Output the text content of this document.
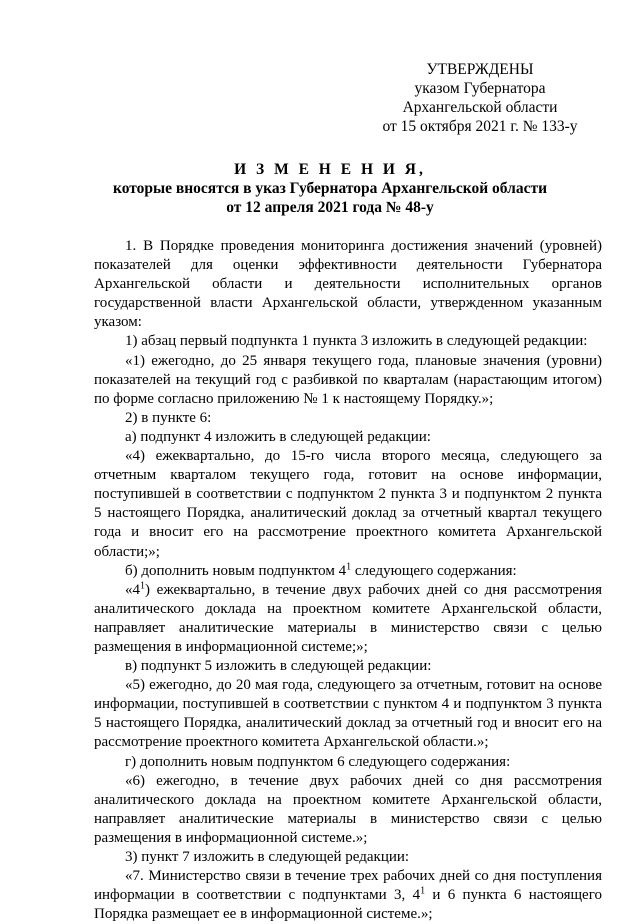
УТВЕРЖДЕНЫ
указом Губернатора
Архангельской области
от 15 октября 2021 г. № 133-у
И З М Е Н Е Н И Я,
которые вносятся в указ Губернатора Архангельской области
от 12 апреля 2021 года № 48-у

1. В Порядке проведения мониторинга достижения значений (уровней) показателей для оценки эффективности деятельности Губернатора Архангельской области и деятельности исполнительных органов государственной власти Архангельской области, утвержденном указанным указом:

1) абзац первый подпункта 1 пункта 3 изложить в следующей редакции:

«1) ежегодно, до 25 января текущего года, плановые значения (уровни) показателей на текущий год с разбивкой по кварталам (нарастающим итогом) по форме согласно приложению № 1 к настоящему Порядку.»;

2) в пункте 6:

а) подпункт 4 изложить в следующей редакции:

«4) ежеквартально, до 15-го числа второго месяца, следующего за отчетным кварталом текущего года, готовит на основе информации, поступившей в соответствии с подпунктом 2 пункта 3 и подпунктом 2 пункта 5 настоящего Порядка, аналитический доклад за отчетный квартал текущего года и вносит его на рассмотрение проектного комитета Архангельской области;»;

б) дополнить новым подпунктом $4^1$ следующего содержания:

«$4^1$) ежеквартально, в течение двух рабочих дней со дня рассмотрения аналитического доклада на проектном комитете Архангельской области, направляет аналитические материалы в министерство связи с целью размещения в информационной системе;»;

в) подпункт 5 изложить в следующей редакции:

«5) ежегодно, до 20 мая года, следующего за отчетным, готовит на основе информации, поступившей в соответствии с пунктом 4 и подпунктом 3 пункта 5 настоящего Порядка, аналитический доклад за отчетный год и вносит его на рассмотрение проектного комитета Архангельской области.»;

г) дополнить новым подпунктом 6 следующего содержания:

«6) ежегодно, в течение двух рабочих дней со дня рассмотрения аналитического доклада на проектном комитете Архангельской области, направляет аналитические материалы в министерство связи с целью размещения в информационной системе.»;

3) пункт 7 изложить в следующей редакции:

«7. Министерство связи в течение трех рабочих дней со дня поступления информации в соответствии с подпунктами 3, $4^1$ и 6 пункта 6 настоящего Порядка размещает ее в информационной системе.»;
